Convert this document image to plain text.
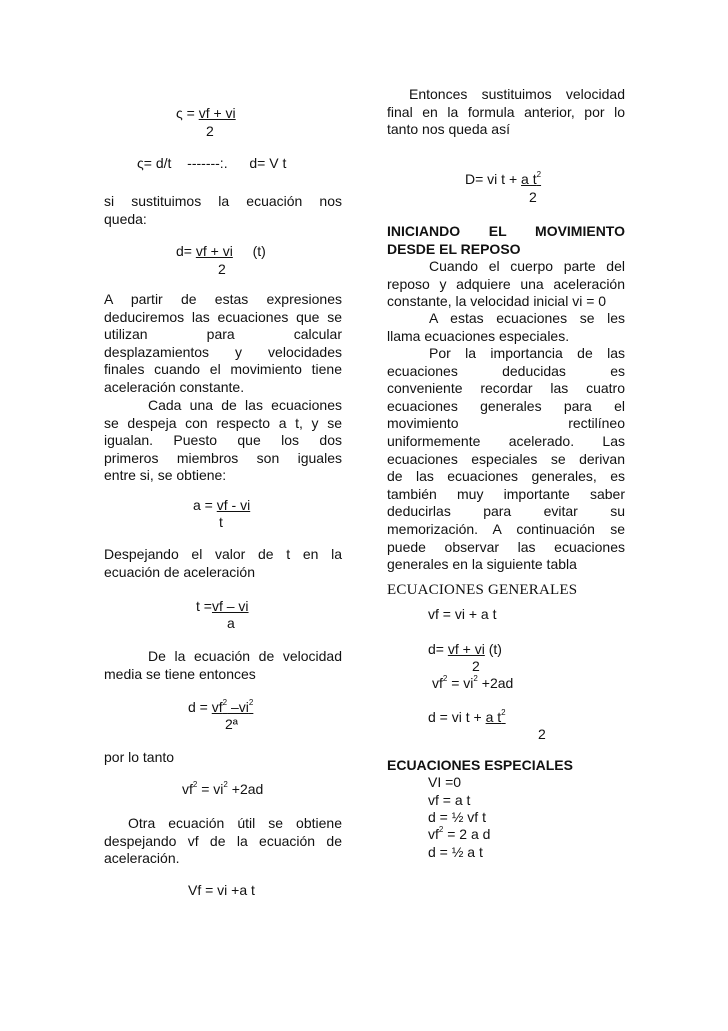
ς = vf + vi
2
ς= d/t -------:. d= V t
si sustituimos la ecuación nos
queda:
d= vf + vi (t)
2
A partir de estas expresiones
deduciremos las ecuaciones que se
utilizan para calcular
desplazamientos y velocidades
finales cuando el movimiento tiene
aceleración constante.
Cada una de las ecuaciones
se despeja con respecto a t, y se
igualan. Puesto que los dos
primeros miembros son iguales
entre si, se obtiene:
a = vf - vi
t
Despejando el valor de t en la
ecuación de aceleración
t =vf – vi
a
De la ecuación de velocidad
media se tiene entonces
$d = vf^2$ $-vi^2$
2ª
por lo tanto
$vf^2 = vi^2 +2ad$
Otra ecuación útil se obtiene
despejando vf de la ecuación de
aceleración.
Vf = vi +a t
Entonces sustituimos velocidad
final en la formula anterior, por lo
tanto nos queda así
D= vi t + a $t^2$
2
INICIANDO EL MOVIMIENTO
DESDE EL REPOSO
Cuando el cuerpo parte del
reposo y adquiere una aceleración
constante, la velocidad inicial vi = 0
A estas ecuaciones se les
llama ecuaciones especiales.
Por la importancia de las
ecuaciones deducidas es
conveniente recordar las cuatro
ecuaciones generales para el
movimiento rectilíneo
uniformemente acelerado. Las
ecuaciones especiales se derivan
de las ecuaciones generales, es
también muy importante saber
deducirlas para evitar su
memorización. A continuación se
puede observar las ecuaciones
generales en la siguiente tabla
ECUACIONES GENERALES
vf = vi + a t
d= vf + vi (t)
2
$vf^2 = vi^2 +2ad$
d = vi t + a $t^2$
2
ECUACIONES ESPECIALES
VI =0
vf = a t
d = ½ vf t
$vf^2 = 2$ a d
d = ½ a t
